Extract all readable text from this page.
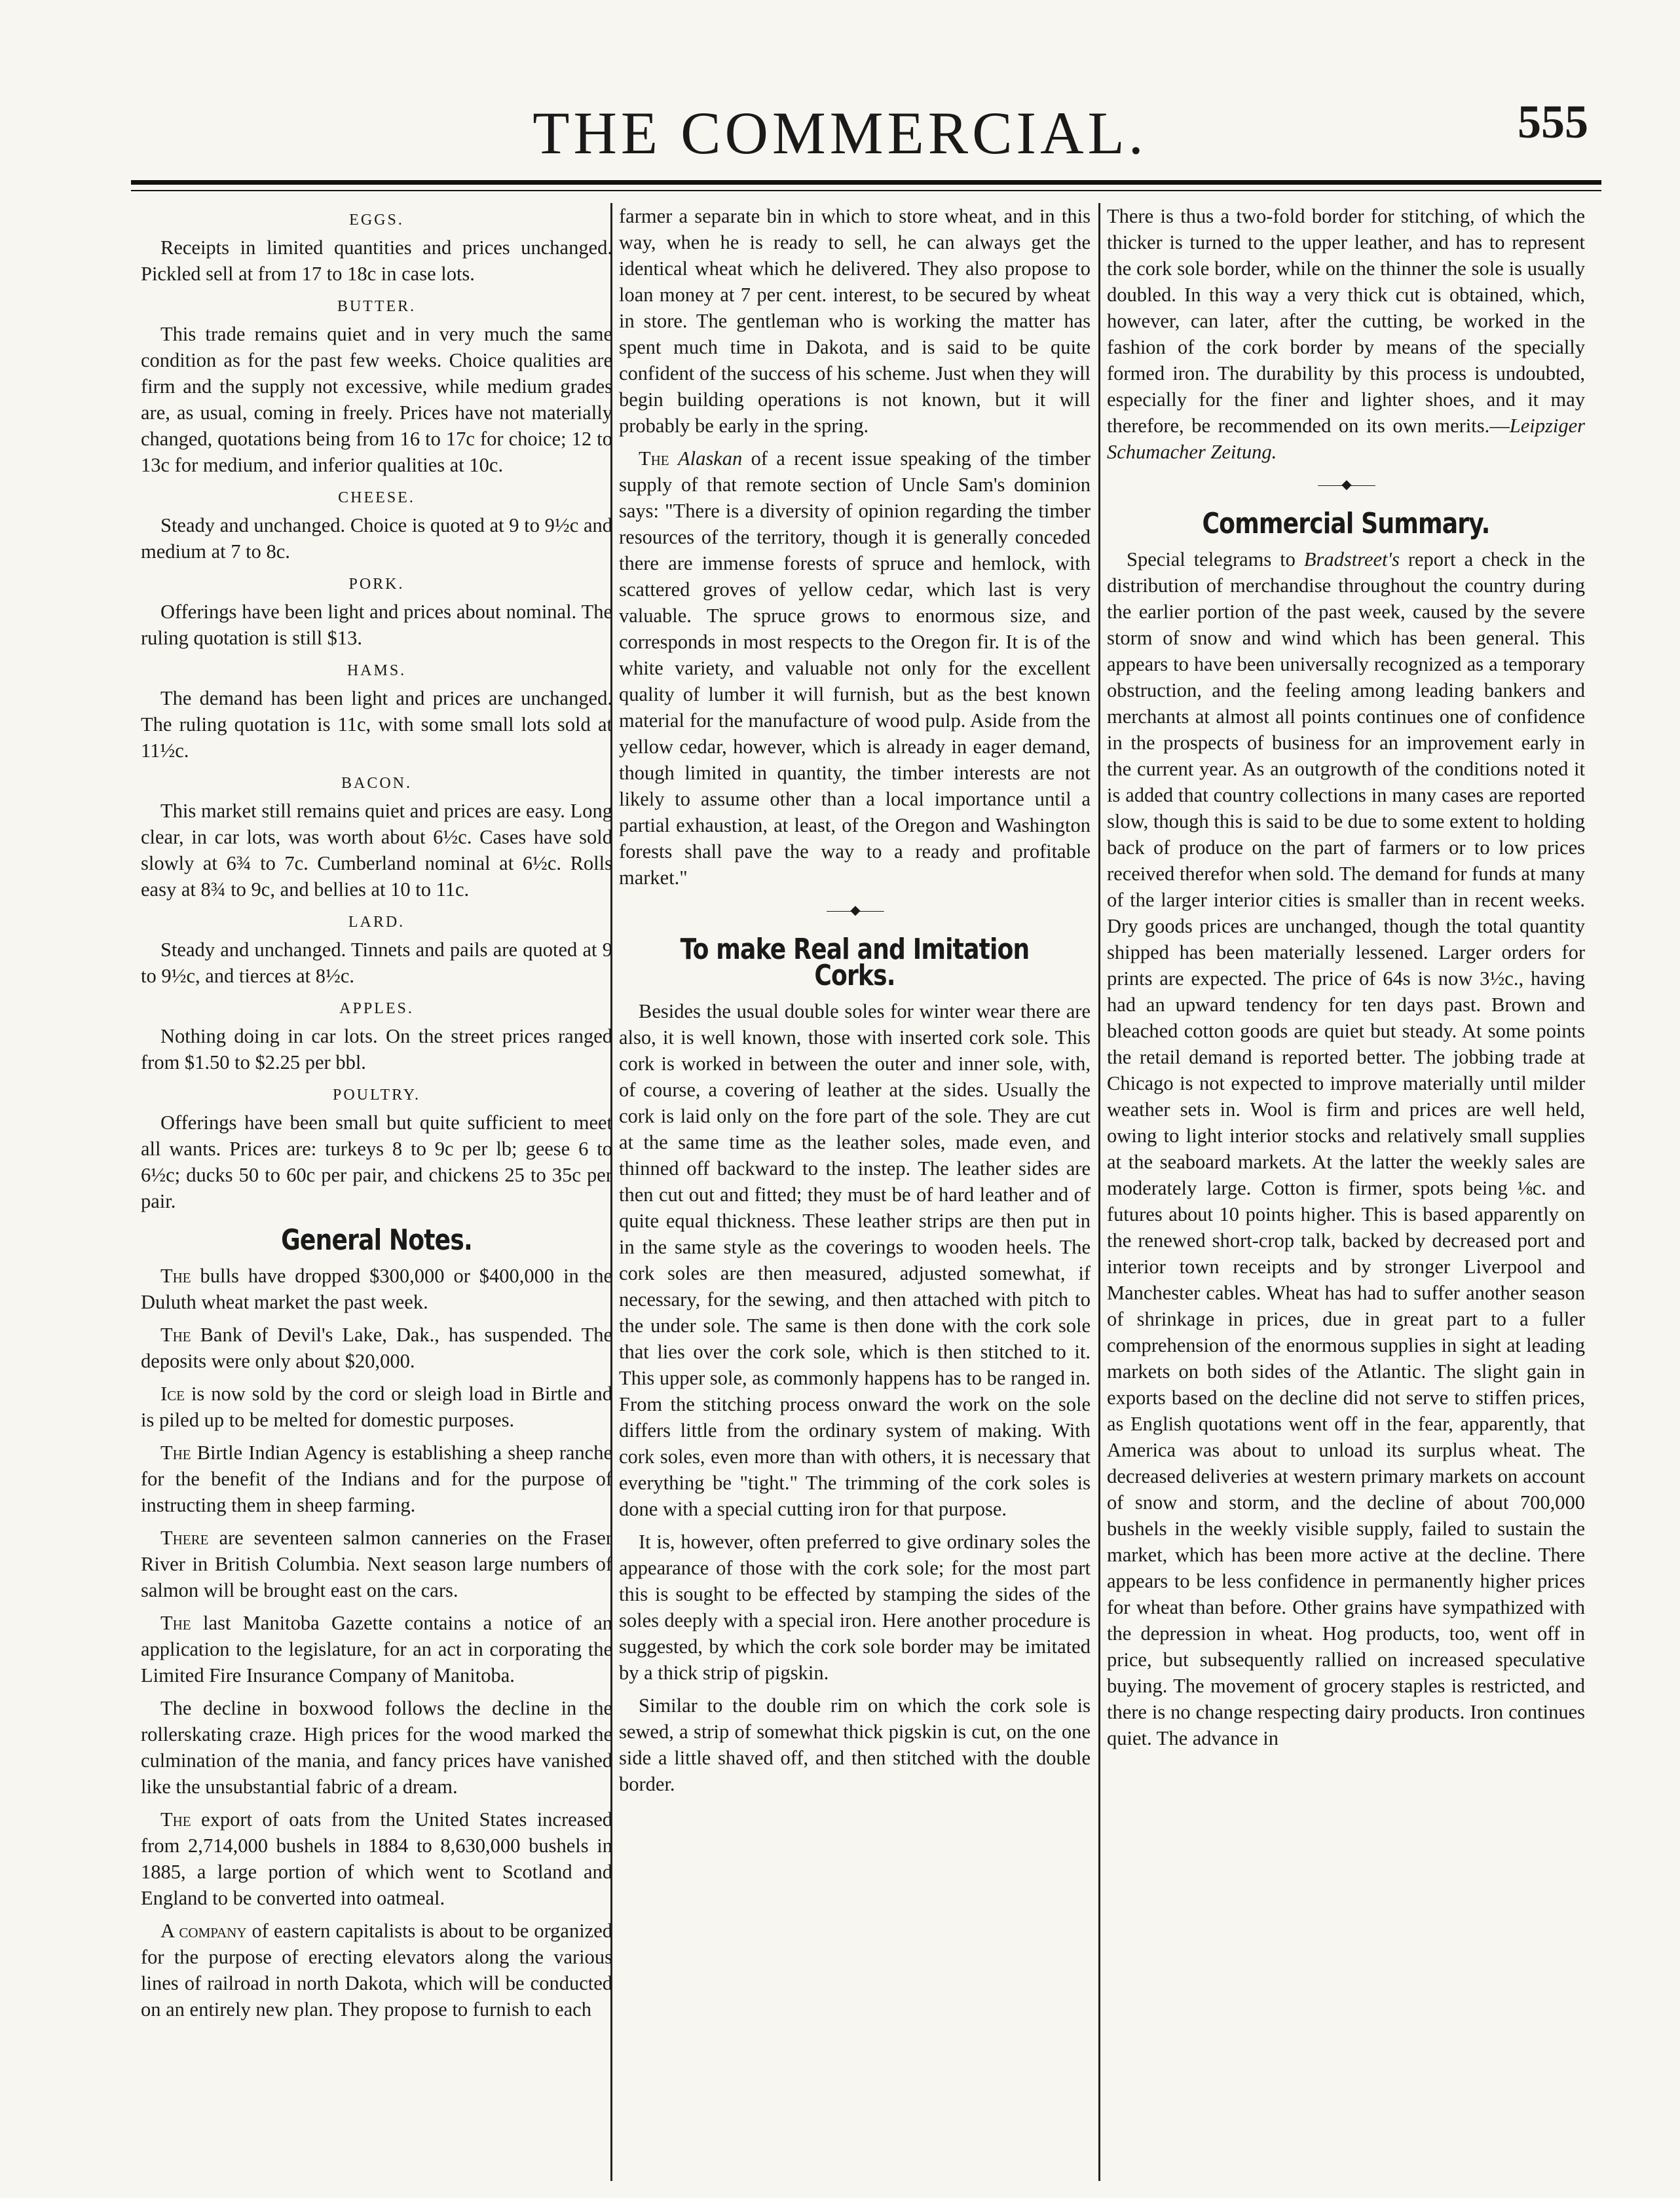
THE COMMERCIAL.	555
EGGS.

Receipts in limited quantities and prices unchanged. Pickled sell at from 17 to 18c in case lots.

BUTTER.

This trade remains quiet and in very much the same condition as for the past few weeks. Choice qualities are firm and the supply not excessive, while medium grades are, as usual, coming in freely. Prices have not materially changed, quotations being from 16 to 17c for choice; 12 to 13c for medium, and inferior qualities at 10c.

CHEESE.

Steady and unchanged. Choice is quoted at 9 to 9½c and medium at 7 to 8c.

PORK.

Offerings have been light and prices about nominal. The ruling quotation is still $13.

HAMS.

The demand has been light and prices are unchanged. The ruling quotation is 11c, with some small lots sold at 11½c.

BACON.

This market still remains quiet and prices are easy. Long clear, in car lots, was worth about 6½c. Cases have sold slowly at 6¾ to 7c. Cumberland nominal at 6½c. Rolls easy at 8¾ to 9c, and bellies at 10 to 11c.

LARD.

Steady and unchanged. Tinnets and pails are quoted at 9 to 9½c, and tierces at 8½c.

APPLES.

Nothing doing in car lots. On the street prices ranged from $1.50 to $2.25 per bbl.

POULTRY.

Offerings have been small but quite sufficient to meet all wants. Prices are: turkeys 8 to 9c per lb; geese 6 to 6½c; ducks 50 to 60c per pair, and chickens 25 to 35c per pair.

General Notes.

The bulls have dropped $300,000 or $400,000 in the Duluth wheat market the past week.

The Bank of Devil's Lake, Dak., has suspended. The deposits were only about $20,000.

Ice is now sold by the cord or sleigh load in Birtle and is piled up to be melted for domestic purposes.

The Birtle Indian Agency is establishing a sheep ranche for the benefit of the Indians and for the purpose of instructing them in sheep farming.

There are seventeen salmon canneries on the Fraser River in British Columbia. Next season large numbers of salmon will be brought east on the cars.

The last Manitoba Gazette contains a notice of an application to the legislature, for an act in corporating the Limited Fire Insurance Company of Manitoba.

The decline in boxwood follows the decline in the rollerskating craze. High prices for the wood marked the culmination of the mania, and fancy prices have vanished like the unsubstantial fabric of a dream.

The export of oats from the United States increased from 2,714,000 bushels in 1884 to 8,630,000 bushels in 1885, a large portion of which went to Scotland and England to be converted into oatmeal.

A company of eastern capitalists is about to be organized for the purpose of erecting elevators along the various lines of railroad in north Dakota, which will be conducted on an entirely new plan. They propose to furnish to each

farmer a separate bin in which to store wheat, and in this way, when he is ready to sell, he can always get the identical wheat which he delivered. They also propose to loan money at 7 per cent. interest, to be secured by wheat in store. The gentleman who is working the matter has spent much time in Dakota, and is said to be quite confident of the success of his scheme. Just when they will begin building operations is not known, but it will probably be early in the spring.

The Alaskan of a recent issue speaking of the timber supply of that remote section of Uncle Sam's dominion says: "There is a diversity of opinion regarding the timber resources of the territory, though it is generally conceded there are immense forests of spruce and hemlock, with scattered groves of yellow cedar, which last is very valuable. The spruce grows to enormous size, and corresponds in most respects to the Oregon fir. It is of the white variety, and valuable not only for the excellent quality of lumber it will furnish, but as the best known material for the manufacture of wood pulp. Aside from the yellow cedar, however, which is already in eager demand, though limited in quantity, the timber interests are not likely to assume other than a local importance until a partial exhaustion, at least, of the Oregon and Washington forests shall pave the way to a ready and profitable market."

——◆——
To make Real and Imitation Corks.

Besides the usual double soles for winter wear there are also, it is well known, those with inserted cork sole. This cork is worked in between the outer and inner sole, with, of course, a covering of leather at the sides. Usually the cork is laid only on the fore part of the sole. They are cut at the same time as the leather soles, made even, and thinned off backward to the instep. The leather sides are then cut out and fitted; they must be of hard leather and of quite equal thickness. These leather strips are then put in in the same style as the coverings to wooden heels. The cork soles are then measured, adjusted somewhat, if necessary, for the sewing, and then attached with pitch to the under sole. The same is then done with the cork sole that lies over the cork sole, which is then stitched to it. This upper sole, as commonly happens has to be ranged in. From the stitching process onward the work on the sole differs little from the ordinary system of making. With cork soles, even more than with others, it is necessary that everything be "tight." The trimming of the cork soles is done with a special cutting iron for that purpose.

It is, however, often preferred to give ordinary soles the appearance of those with the cork sole; for the most part this is sought to be effected by stamping the sides of the soles deeply with a special iron. Here another procedure is suggested, by which the cork sole border may be imitated by a thick strip of pigskin.

Similar to the double rim on which the cork sole is sewed, a strip of somewhat thick pigskin is cut, on the one side a little shaved off, and then stitched with the double border.

There is thus a two-fold border for stitching, of which the thicker is turned to the upper leather, and has to represent the cork sole border, while on the thinner the sole is usually doubled. In this way a very thick cut is obtained, which, however, can later, after the cutting, be worked in the fashion of the cork border by means of the specially formed iron. The durability by this process is undoubted, especially for the finer and lighter shoes, and it may therefore, be recommended on its own merits.—Leipziger Schumacher Zeitung.

——◆——
Commercial Summary.

Special telegrams to Bradstreet's report a check in the distribution of merchandise throughout the country during the earlier portion of the past week, caused by the severe storm of snow and wind which has been general. This appears to have been universally recognized as a temporary obstruction, and the feeling among leading bankers and merchants at almost all points continues one of confidence in the prospects of business for an improvement early in the current year. As an outgrowth of the conditions noted it is added that country collections in many cases are reported slow, though this is said to be due to some extent to holding back of produce on the part of farmers or to low prices received therefor when sold. The demand for funds at many of the larger interior cities is smaller than in recent weeks. Dry goods prices are unchanged, though the total quantity shipped has been materially lessened. Larger orders for prints are expected. The price of 64s is now 3½c., having had an upward tendency for ten days past. Brown and bleached cotton goods are quiet but steady. At some points the retail demand is reported better. The jobbing trade at Chicago is not expected to improve materially until milder weather sets in. Wool is firm and prices are well held, owing to light interior stocks and relatively small supplies at the seaboard markets. At the latter the weekly sales are moderately large. Cotton is firmer, spots being ⅛c. and futures about 10 points higher. This is based apparently on the renewed short-crop talk, backed by decreased port and interior town receipts and by stronger Liverpool and Manchester cables. Wheat has had to suffer another season of shrinkage in prices, due in great part to a fuller comprehension of the enormous supplies in sight at leading markets on both sides of the Atlantic. The slight gain in exports based on the decline did not serve to stiffen prices, as English quotations went off in the fear, apparently, that America was about to unload its surplus wheat. The decreased deliveries at western primary markets on account of snow and storm, and the decline of about 700,000 bushels in the weekly visible supply, failed to sustain the market, which has been more active at the decline. There appears to be less confidence in permanently higher prices for wheat than before. Other grains have sympathized with the depression in wheat. Hog products, too, went off in price, but subsequently rallied on increased speculative buying. The movement of grocery staples is restricted, and there is no change respecting dairy products. Iron continues quiet. The advance in
